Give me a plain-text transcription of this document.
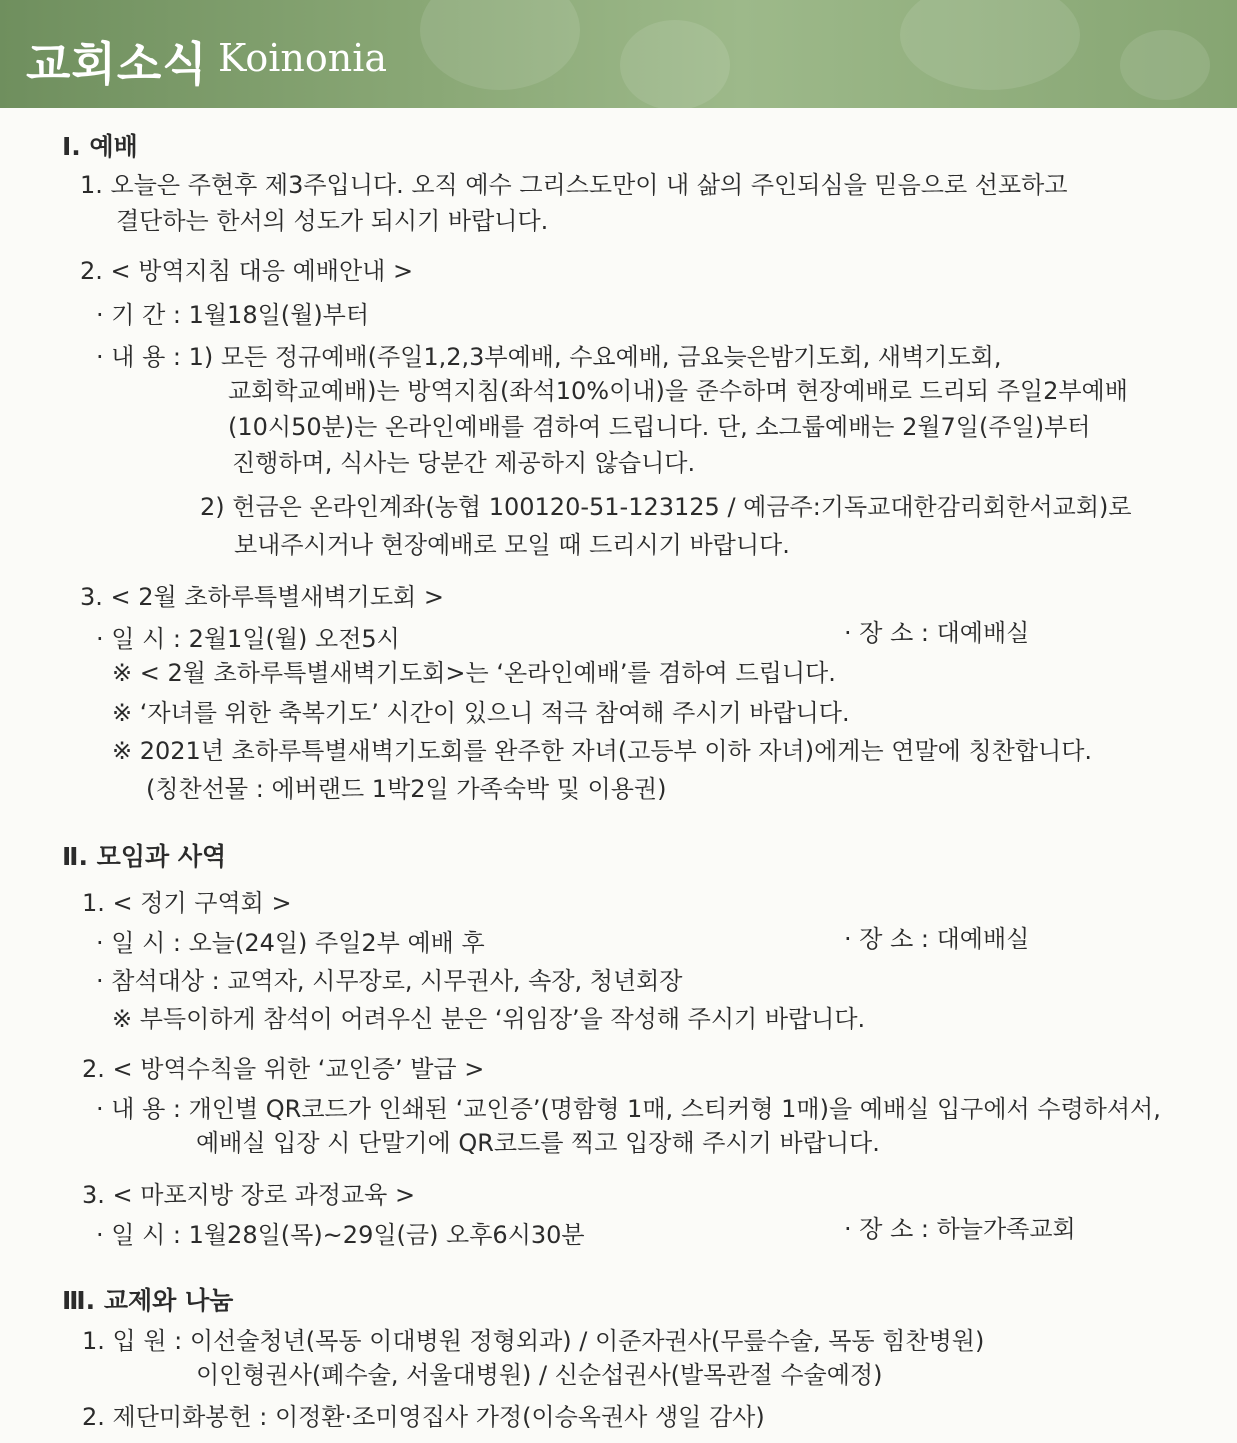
교회소식 Koinonia
Ⅰ. 예배
1. 오늘은 주현후 제3주입니다. 오직 예수 그리스도만이 내 삶의 주인되심을 믿음으로 선포하고
결단하는 한서의 성도가 되시기 바랍니다.
2. < 방역지침 대응 예배안내 >
· 기 간 : 1월18일(월)부터
· 내 용 : 1) 모든 정규예배(주일1,2,3부예배, 수요예배, 금요늦은밤기도회, 새벽기도회,
교회학교예배)는 방역지침(좌석10%이내)을 준수하며 현장예배로 드리되 주일2부예배
(10시50분)는 온라인예배를 겸하여 드립니다. 단, 소그룹예배는 2월7일(주일)부터
진행하며, 식사는 당분간 제공하지 않습니다.
2) 헌금은 온라인계좌(농협 100120-51-123125 / 예금주:기독교대한감리회한서교회)로
보내주시거나 현장예배로 모일 때 드리시기 바랍니다.
3. < 2월 초하루특별새벽기도회 >
· 일 시 : 2월1일(월) 오전5시	· 장 소 : 대예배실
※ < 2월 초하루특별새벽기도회>는 ‘온라인예배’를 겸하여 드립니다.
※ ‘자녀를 위한 축복기도’ 시간이 있으니 적극 참여해 주시기 바랍니다.
※ 2021년 초하루특별새벽기도회를 완주한 자녀(고등부 이하 자녀)에게는 연말에 칭찬합니다.
(칭찬선물 : 에버랜드 1박2일 가족숙박 및 이용권)
Ⅱ. 모임과 사역
1. < 정기 구역회 >
· 일 시 : 오늘(24일) 주일2부 예배 후	· 장 소 : 대예배실
· 참석대상 : 교역자, 시무장로, 시무권사, 속장, 청년회장
※ 부득이하게 참석이 어려우신 분은 ‘위임장’을 작성해 주시기 바랍니다.
2. < 방역수칙을 위한 ‘교인증’ 발급 >
· 내 용 : 개인별 QR코드가 인쇄된 ‘교인증’(명함형 1매, 스티커형 1매)을 예배실 입구에서 수령하셔서,
예배실 입장 시 단말기에 QR코드를 찍고 입장해 주시기 바랍니다.
3. < 마포지방 장로 과정교육 >
· 일 시 : 1월28일(목)~29일(금) 오후6시30분	· 장 소 : 하늘가족교회
Ⅲ. 교제와 나눔
1. 입 원 : 이선술청년(목동 이대병원 정형외과) / 이준자권사(무릎수술, 목동 힘찬병원)
이인형권사(폐수술, 서울대병원) / 신순섭권사(발목관절 수술예정)
2. 제단미화봉헌 : 이정환·조미영집사 가정(이승옥권사 생일 감사)
